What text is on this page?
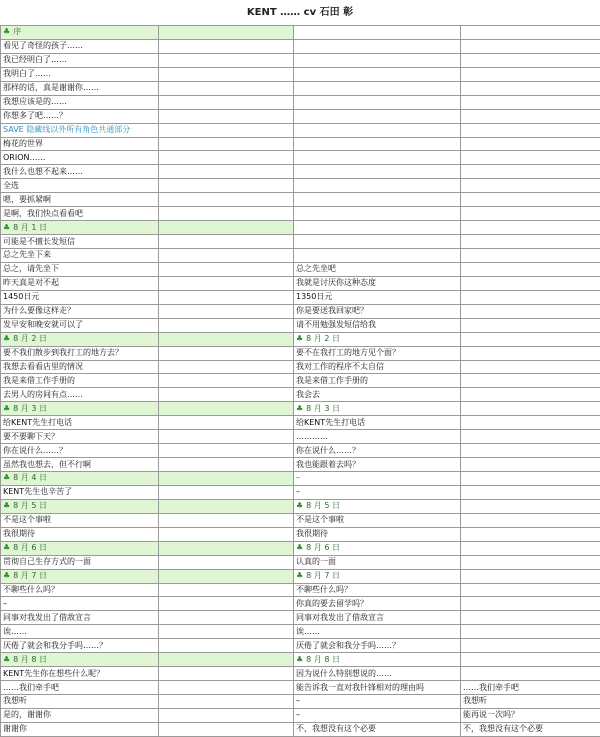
KENT …… cv 石田 彰
♣ 序			
看见了奇怪的孩子……			
我已经明白了……			
我明白了……			
那样的话，真是谢谢你……			
我想应该是的……			
你想多了吧……？			
SAVE 隐藏线以外所有角色共通部分			
梅花的世界			
ORION……			
我什么也想不起来……			
全选			
嗯，要抓紧啊			
是啊，我们快点看看吧			
♣ 8 月 1 日			
可能是不擅长发短信			
总之先坐下来			
总之，请先坐下		总之先坐吧	
昨天真是对不起		我就是讨厌你这种态度	
1450日元		1350日元	
为什么要像这样走？		你是要送我回家吧？	
发早安和晚安就可以了		请不用勉强发短信给我	
♣ 8 月 2 日		♣ 8 月 2 日	
要不我们散步到我打工的地方去？		要不在我打工的地方见个面？	
我想去看看店里的情况		我对工作的程序不太自信	
我是来借工作手册的		我是来借工作手册的	
去男人的房间有点……		我会去	
♣ 8 月 3 日		♣ 8 月 3 日	
给KENT先生打电话		给KENT先生打电话	
要不要聊下天？		…………	
你在说什么……？		你在说什么……？	
虽然我也想去，但不行啊		我也能跟着去吗？	
♣ 8 月 4 日		–	
KENT先生也辛苦了		–	
♣ 8 月 5 日		♣ 8 月 5 日	
不是这个事啦		不是这个事啦	
我很期待		我很期待	
♣ 8 月 6 日		♣ 8 月 6 日	
贯彻自己生存方式的一面		认真的一面	
♣ 8 月 7 日		♣ 8 月 7 日	
不聊些什么吗？		不聊些什么吗？	
–		你真的要去留学吗？	
同事对我发出了借敌宣言		同事对我发出了借敌宣言	
诶……		诶……	
厌倦了就会和我分手吗……？		厌倦了就会和我分手吗……？	
♣ 8 月 8 日		♣ 8 月 8 日	
KENT先生你在想些什么呢？		因为说什么特别想说的……	
……我们牵手吧		能告诉我一直对我针锋相对的理由吗	……我们牵手吧
我想听		–	我想听
是的，谢谢你		–	能再说一次吗？
谢谢你		不，我想没有这个必要	不，我想没有这个必要
